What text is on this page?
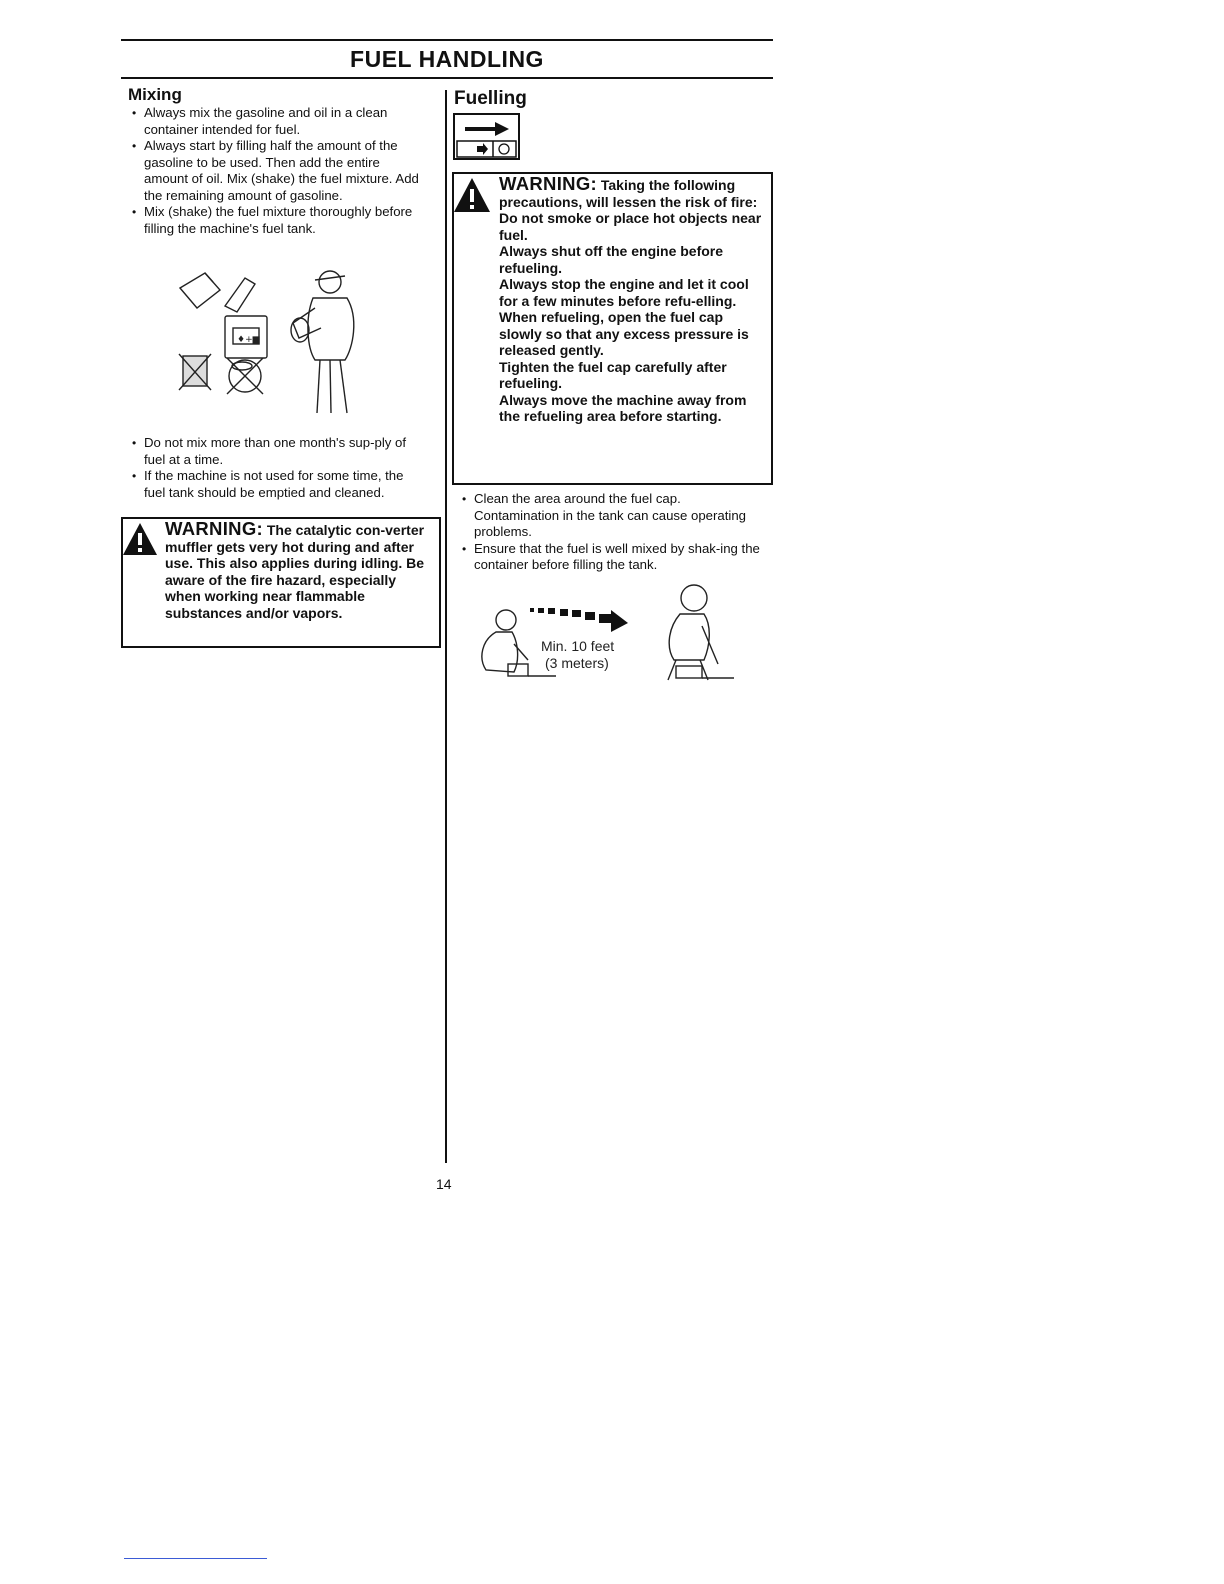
FUEL HANDLING
Mixing
• Always mix the gasoline and oil in a clean container intended for fuel.
• Always start by filling half the amount of the gasoline to be used. Then add the entire amount of oil. Mix (shake) the fuel mixture. Add the remaining amount of gasoline.
• Mix (shake) the fuel mixture thoroughly before filling the machine's fuel tank.
♦+▆
• Do not mix more than one month's sup-ply of fuel at a time.
• If the machine is not used for some time, the fuel tank should be emptied and cleaned.
WARNING: The catalytic con-verter muffler gets very hot during and after use. This also applies during idling. Be aware of the fire hazard, especially when working near flammable substances and/or vapors.
Fuelling
WARNING: Taking the following precautions, will lessen the risk of fire:
Do not smoke or place hot objects near fuel.
Always shut off the engine before refueling.
Always stop the engine and let it cool for a few minutes before refu-elling.
When refueling, open the fuel cap slowly so that any excess pressure is released gently.
Tighten the fuel cap carefully after refueling.
Always move the machine away from the refueling area before starting.
• Clean the area around the fuel cap. Contamination in the tank can cause operating problems.
• Ensure that the fuel is well mixed by shak-ing the container before filling the tank.
Min. 10 feet
(3 meters)
14
